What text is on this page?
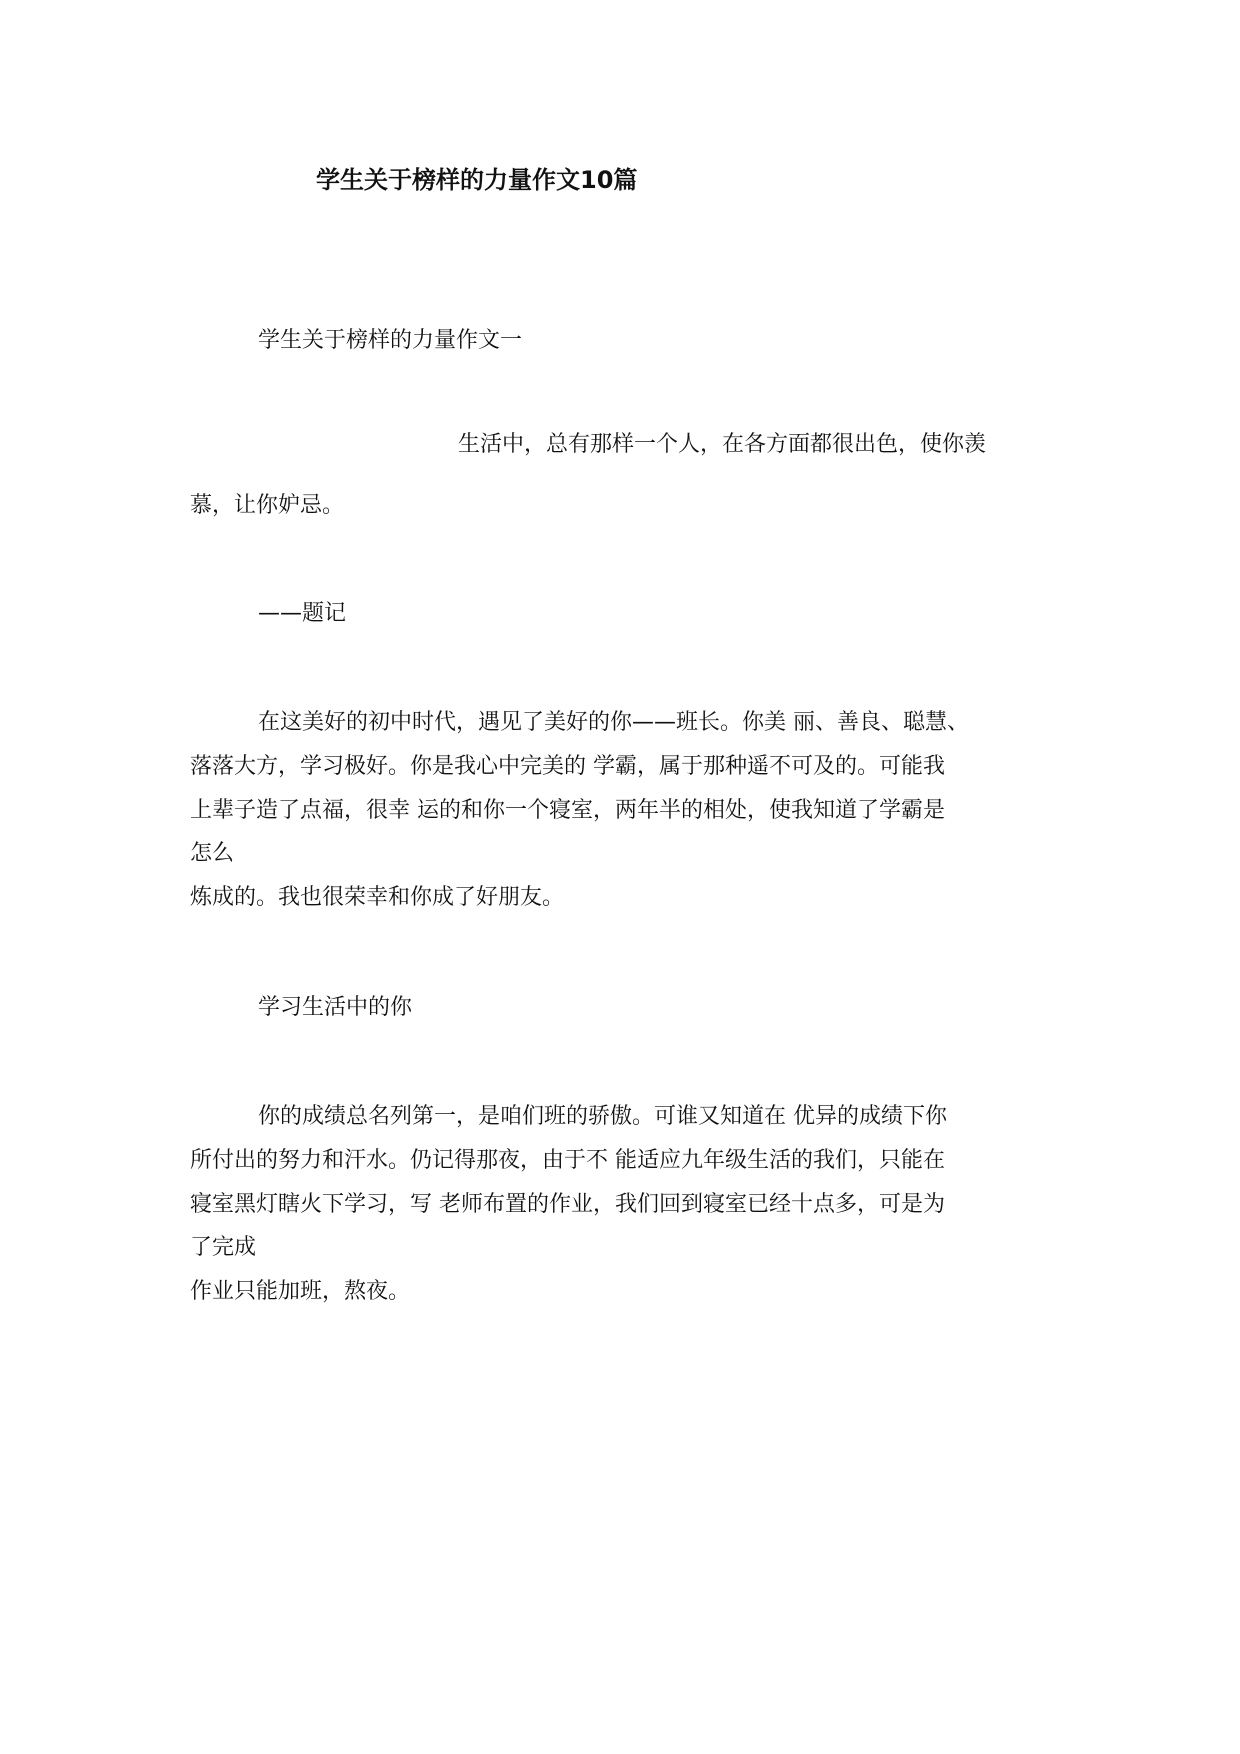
学生关于榜样的力量作文10篇
学生关于榜样的力量作文一
生活中，总有那样一个人，在各方面都很出色，使你羡
慕，让你妒忌。
——题记
在这美好的初中时代，遇见了美好的你——班长。你美 丽、善良、聪慧、
落落大方，学习极好。你是我心中完美的 学霸，属于那种遥不可及的。可能我
上辈子造了点福，很幸 运的和你一个寝室，两年半的相处，使我知道了学霸是
怎么
炼成的。我也很荣幸和你成了好朋友。
学习生活中的你
你的成绩总名列第一，是咱们班的骄傲。可谁又知道在 优异的成绩下你
所付出的努力和汗水。仍记得那夜，由于不 能适应九年级生活的我们，只能在
寝室黑灯瞎火下学习，写 老师布置的作业，我们回到寝室已经十点多，可是为
了完成
作业只能加班，熬夜。
